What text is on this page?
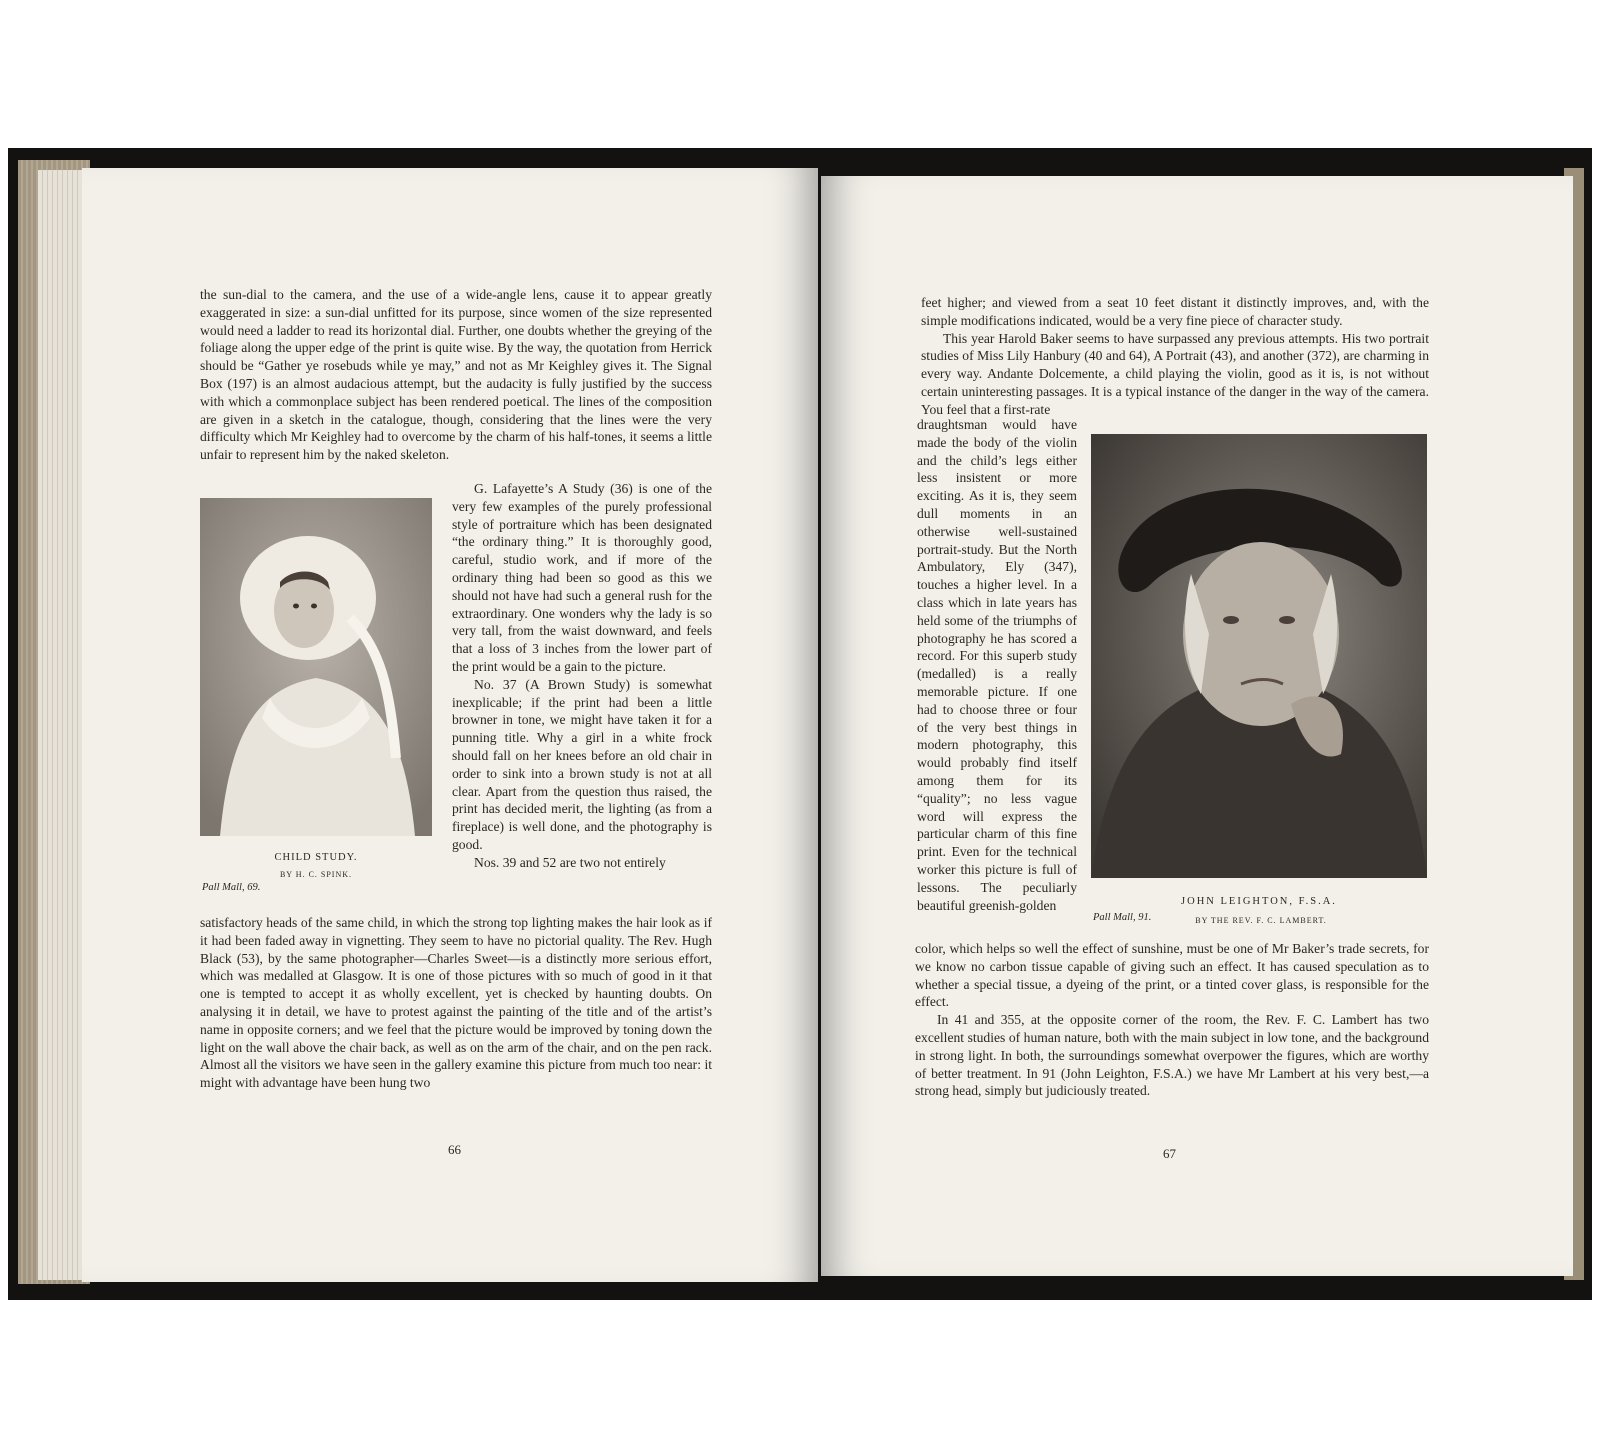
the sun-dial to the camera, and the use of a wide-angle lens, cause it to appear greatly exaggerated in size: a sun-dial unfitted for its purpose, since women of the size represented would need a ladder to read its horizontal dial. Further, one doubts whether the greying of the foliage along the upper edge of the print is quite wise. By the way, the quotation from Herrick should be “Gather ye rosebuds while ye may,” and not as Mr Keighley gives it. The Signal Box (197) is an almost audacious attempt, but the audacity is fully justified by the success with which a commonplace subject has been rendered poetical. The lines of the composition are given in a sketch in the catalogue, though, considering that the lines were the very difficulty which Mr Keighley had to overcome by the charm of his half-tones, it seems a little unfair to represent him by the naked skeleton.

CHILD STUDY.
BY H. C. SPINK.
Pall Mall, 69.

G. Lafayette’s A Study (36) is one of the very few examples of the purely professional style of portraiture which has been designated “the ordinary thing.” It is thoroughly good, careful, studio work, and if more of the ordinary thing had been so good as this we should not have had such a general rush for the extraordinary. One wonders why the lady is so very tall, from the waist downward, and feels that a loss of 3 inches from the lower part of the print would be a gain to the picture.

No. 37 (A Brown Study) is somewhat inexplicable; if the print had been a little browner in tone, we might have taken it for a punning title. Why a girl in a white frock should fall on her knees before an old chair in order to sink into a brown study is not at all clear. Apart from the question thus raised, the print has decided merit, the lighting (as from a fireplace) is well done, and the photography is good.

Nos. 39 and 52 are two not entirely

satisfactory heads of the same child, in which the strong top lighting makes the hair look as if it had been faded away in vignetting. They seem to have no pictorial quality. The Rev. Hugh Black (53), by the same photographer—Charles Sweet—is a distinctly more serious effort, which was medalled at Glasgow. It is one of those pictures with so much of good in it that one is tempted to accept it as wholly excellent, yet is checked by haunting doubts. On analysing it in detail, we have to protest against the painting of the title and of the artist’s name in opposite corners; and we feel that the picture would be improved by toning down the light on the wall above the chair back, as well as on the arm of the chair, and on the pen rack. Almost all the visitors we have seen in the gallery examine this picture from much too near: it might with advantage have been hung two

66

feet higher; and viewed from a seat 10 feet distant it distinctly improves, and, with the simple modifications indicated, would be a very fine piece of character study.

This year Harold Baker seems to have surpassed any previous attempts. His two portrait studies of Miss Lily Hanbury (40 and 64), A Portrait (43), and another (372), are charming in every way. Andante Dolcemente, a child playing the violin, good as it is, is not without certain uninteresting passages. It is a typical instance of the danger in the way of the camera. You feel that a first-rate

draughtsman would have made the body of the violin and the child’s legs either less insistent or more exciting. As it is, they seem dull moments in an otherwise well-sustained portrait-study. But the North Ambulatory, Ely (347), touches a higher level. In a class which in late years has held some of the triumphs of photography he has scored a record. For this superb study (medalled) is a really memorable picture. If one had to choose three or four of the very best things in modern photography, this would probably find itself among them for its “quality”; no less vague word will express the particular charm of this fine print. Even for the technical worker this picture is full of lessons. The peculiarly beautiful greenish-golden	JOHN LEIGHTON, F.S.A.
Pall Mall, 91.	BY THE REV. F. C. LAMBERT.

color, which helps so well the effect of sunshine, must be one of Mr Baker’s trade secrets, for we know no carbon tissue capable of giving such an effect. It has caused speculation as to whether a special tissue, a dyeing of the print, or a tinted cover glass, is responsible for the effect.

In 41 and 355, at the opposite corner of the room, the Rev. F. C. Lambert has two excellent studies of human nature, both with the main subject in low tone, and the background in strong light. In both, the surroundings somewhat overpower the figures, which are worthy of better treatment. In 91 (John Leighton, F.S.A.) we have Mr Lambert at his very best,—a strong head, simply but judiciously treated.

67
